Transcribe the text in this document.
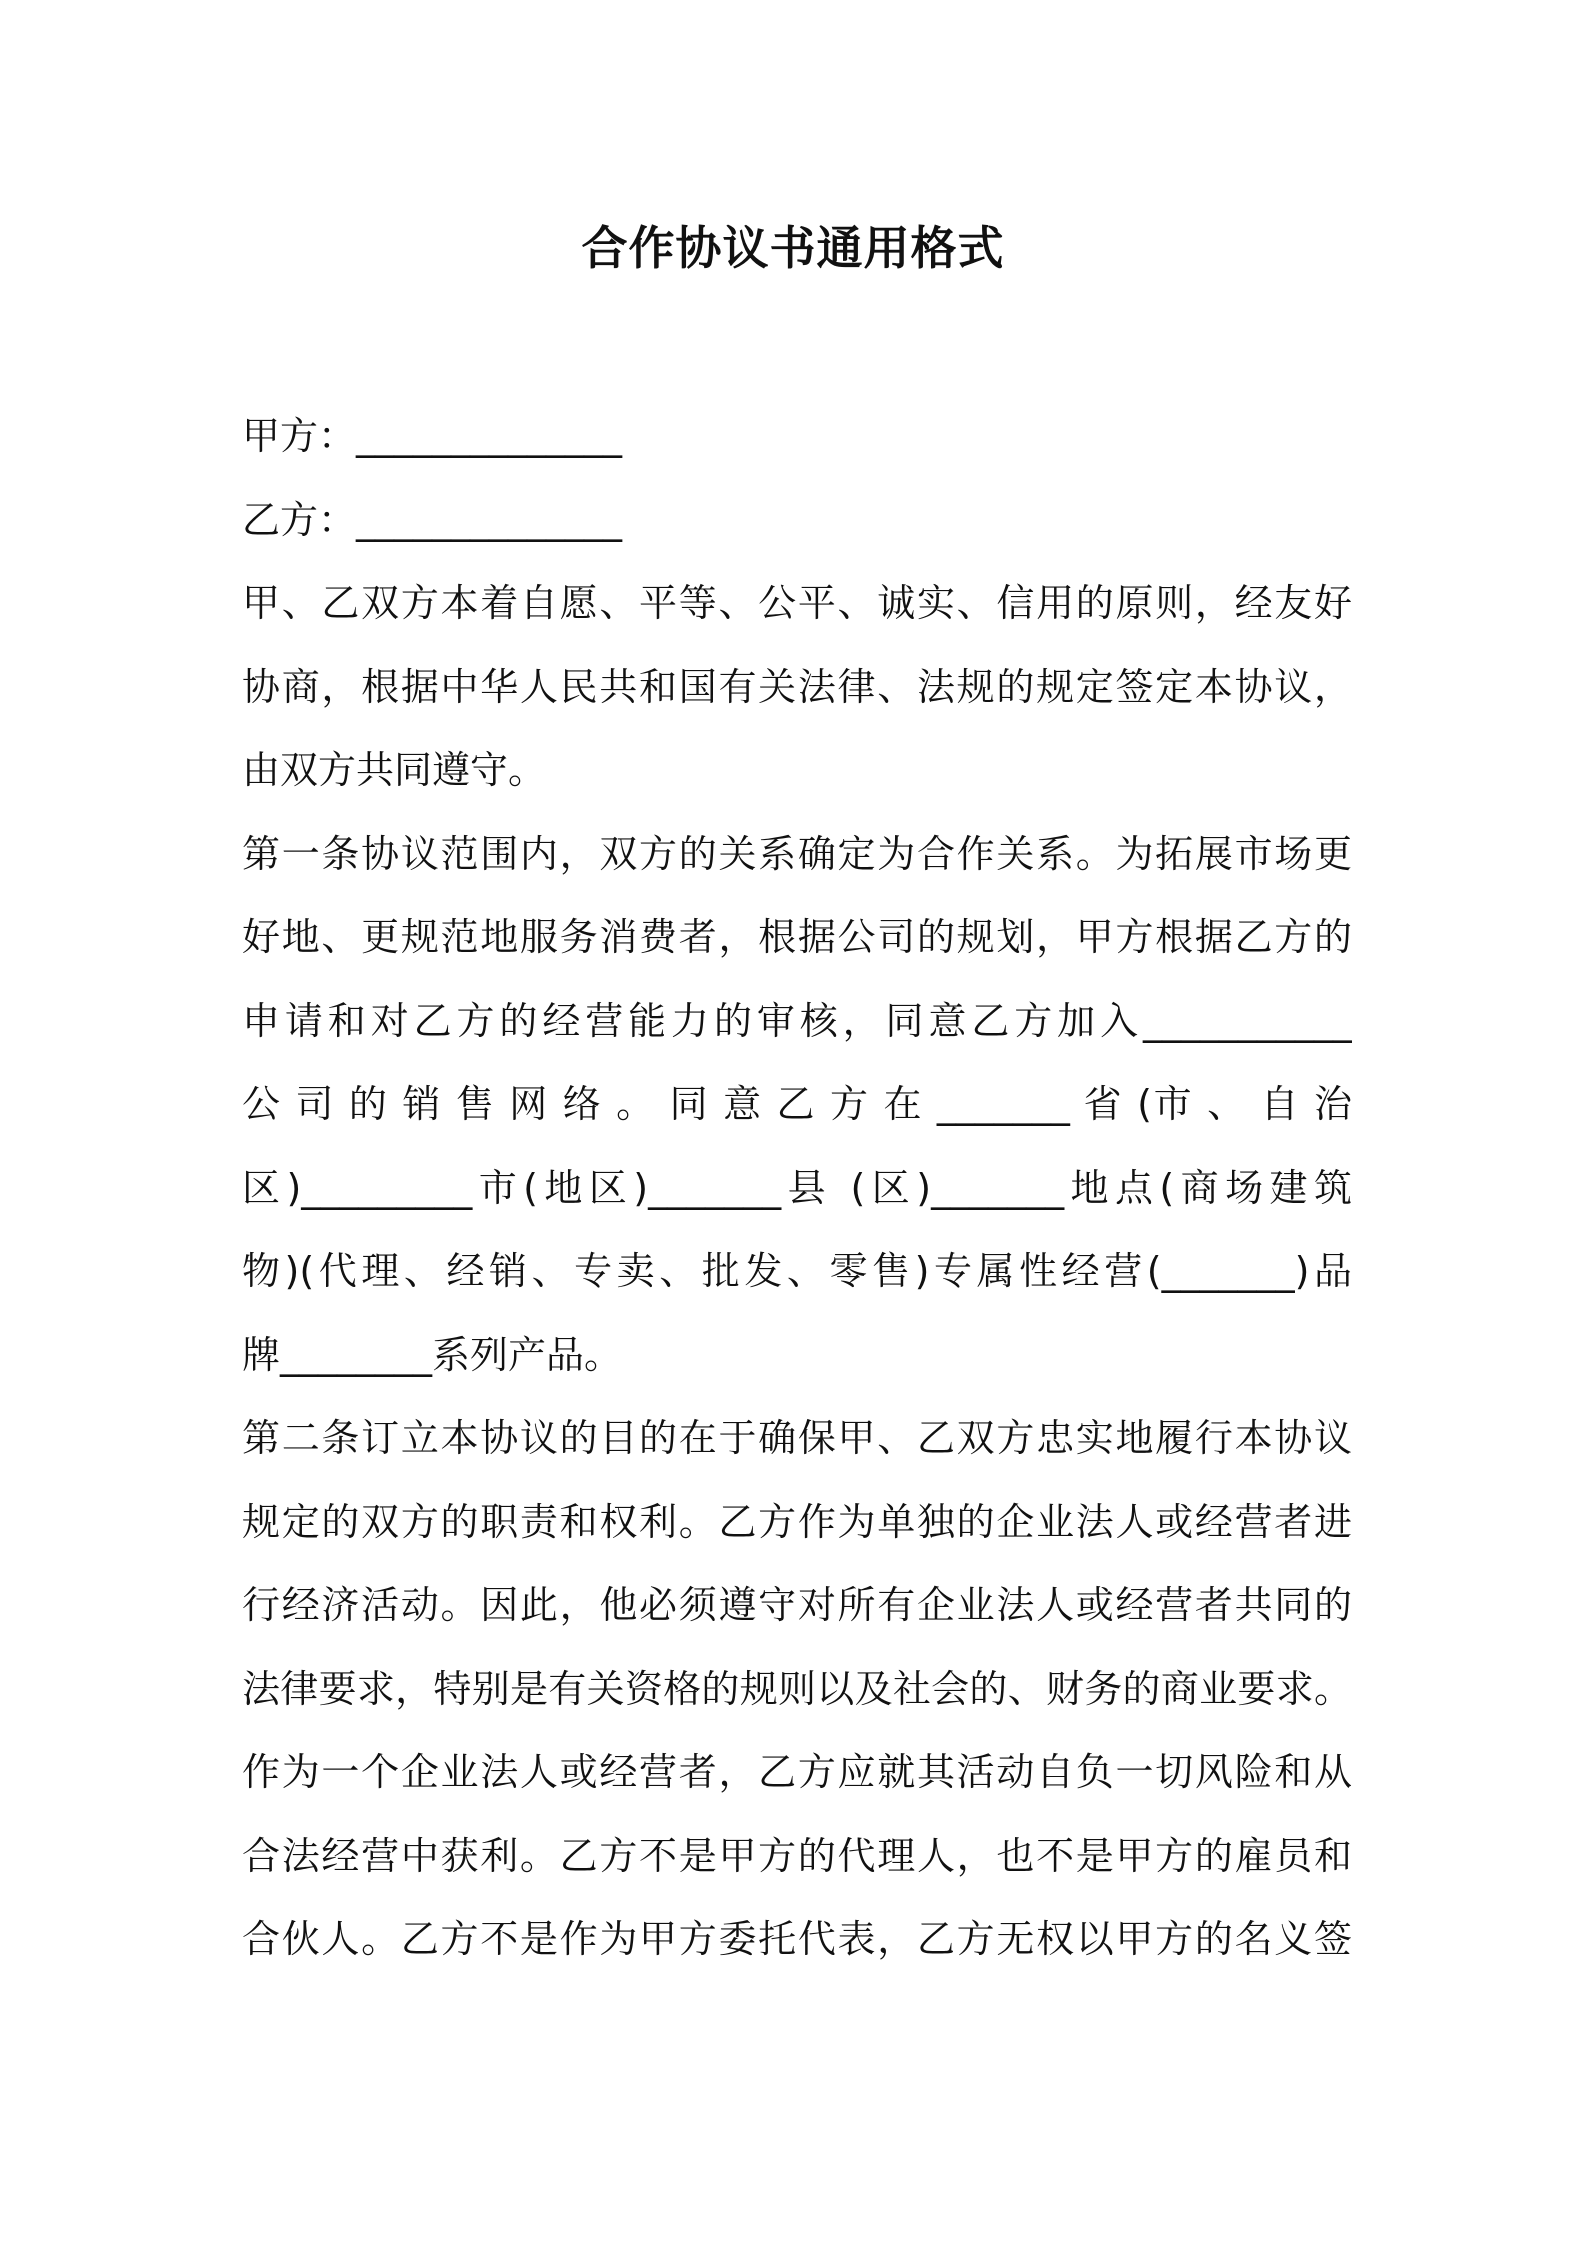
合作协议书通用格式
甲方：______________
乙方：______________
甲、乙双方本着自愿、平等、公平、诚实、信用的原则，经友好
协商，根据中华人民共和国有关法律、法规的规定签定本协议，
由双方共同遵守。
第一条协议范围内，双方的关系确定为合作关系。为拓展市场更
好地、更规范地服务消费者，根据公司的规划，甲方根据乙方的
申请和对乙方的经营能力的审核，同意乙方加入___________
公 司 的 销 售 网 络 。 同 意 乙 方 在 _______ 省 (市 、 自 治
区)_________市(地区)_______县 (区)_______地点(商场建筑
物)(代理、经销、专卖、批发、零售)专属性经营(_______)品
牌________系列产品。
第二条订立本协议的目的在于确保甲、乙双方忠实地履行本协议
规定的双方的职责和权利。乙方作为单独的企业法人或经营者进
行经济活动。因此，他必须遵守对所有企业法人或经营者共同的
法律要求，特别是有关资格的规则以及社会的、财务的商业要求。
作为一个企业法人或经营者，乙方应就其活动自负一切风险和从
合法经营中获利。乙方不是甲方的代理人，也不是甲方的雇员和
合伙人。乙方不是作为甲方委托代表，乙方无权以甲方的名义签
